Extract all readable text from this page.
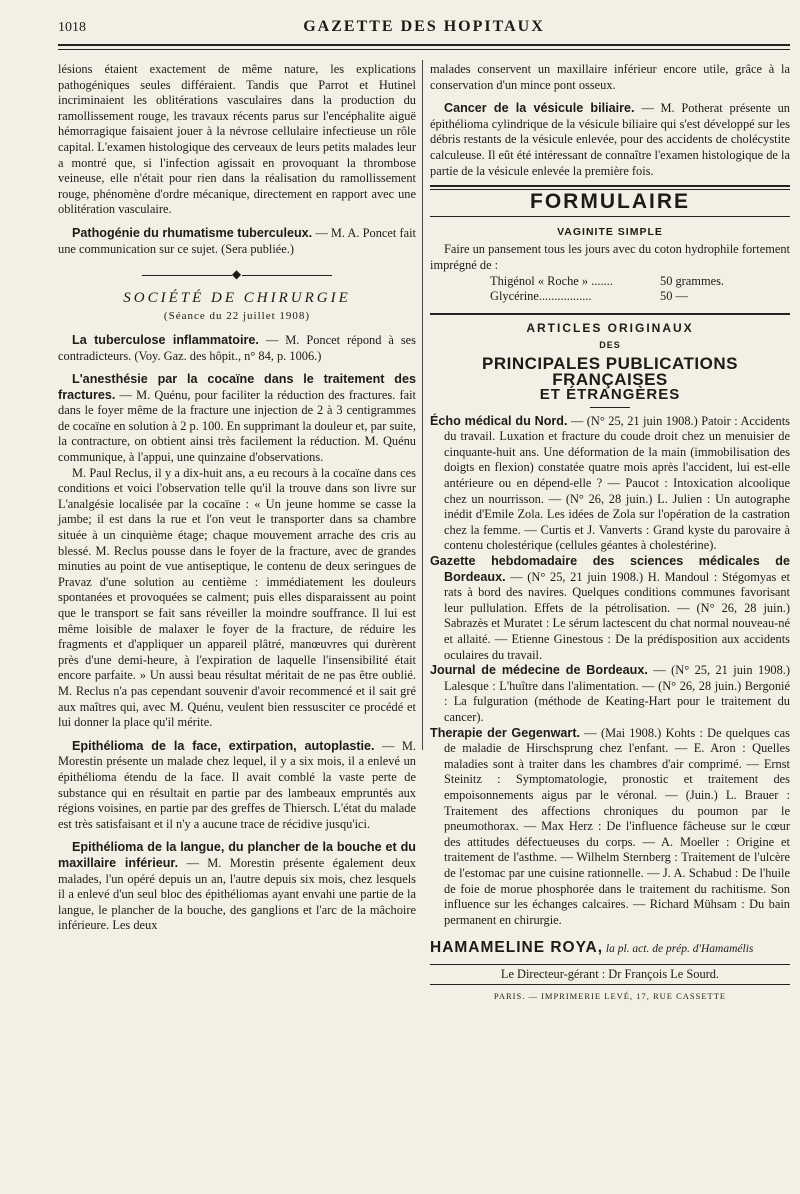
1018	GAZETTE DES HOPITAUX

lésions étaient exactement de même nature, les explications pathogéniques seules différaient. Tandis que Parrot et Hutinel incriminaient les oblitérations vasculaires dans la production du ramollissement rouge, les travaux récents parus sur l'encéphalite aiguë hémorragique faisaient jouer à la névrose cellulaire infectieuse un rôle capital. L'examen histologique des cerveaux de leurs petits malades leur a montré que, si l'infection agissait en provoquant la thrombose veineuse, elle n'était pour rien dans la réalisation du ramollissement rouge, phénomène d'ordre mécanique, directement en rapport avec une oblitération vasculaire.

Pathogénie du rhumatisme tuberculeux. — M. A. Poncet fait une communication sur ce sujet. (Sera publiée.)

◆
SOCIÉTÉ DE CHIRURGIE
(Séance du 22 juillet 1908)

La tuberculose inflammatoire. — M. Poncet répond à ses contradicteurs. (Voy. Gaz. des hôpit., n° 84, p. 1006.)

L'anesthésie par la cocaïne dans le traitement des fractures. — M. Quénu, pour faciliter la réduction des fractures. fait dans le foyer même de la fracture une injection de 2 à 3 centigrammes de cocaïne en solution à 2 p. 100. En supprimant la douleur et, par suite, la contracture, on obtient ainsi très facilement la réduction. M. Quénu communique, à l'appui, une quinzaine d'observations.

M. Paul Reclus, il y a dix-huit ans, a eu recours à la cocaïne dans ces conditions et voici l'observation telle qu'il la trouve dans son livre sur L'analgésie localisée par la cocaïne : « Un jeune homme se casse la jambe; il est dans la rue et l'on veut le transporter dans sa chambre située à un cinquième étage; chaque mouvement arrache des cris au blessé. M. Reclus pousse dans le foyer de la fracture, avec de grandes minuties au point de vue antiseptique, le contenu de deux seringues de Pravaz d'une solution au centième : immédiatement les douleurs spontanées et provoquées se calment; puis elles disparaissent au point que le transport se fait sans réveiller la moindre souffrance. Il lui est même loisible de malaxer le foyer de la fracture, de réduire les fragments et d'appliquer un appareil plâtré, manœuvres qui durèrent près d'une demi-heure, à l'expiration de laquelle l'insensibilité était encore parfaite. » Un aussi beau résultat méritait de ne pas être oublié. M. Reclus n'a pas cependant souvenir d'avoir recommencé et il sait gré aux maîtres qui, avec M. Quénu, veulent bien ressusciter ce procédé et lui donner la place qu'il mérite.

Epithélioma de la face, extirpation, autoplastie. — M. Morestin présente un malade chez lequel, il y a six mois, il a enlevé un épithélioma étendu de la face. Il avait comblé la vaste perte de substance qui en résultait en partie par des lambeaux empruntés aux régions voisines, en partie par des greffes de Thiersch. L'état du malade est très satisfaisant et il n'y a aucune trace de récidive jusqu'ici.

Epithélioma de la langue, du plancher de la bouche et du maxillaire inférieur. — M. Morestin présente également deux malades, l'un opéré depuis un an, l'autre depuis six mois, chez lesquels il a enlevé d'un seul bloc des épithéliomas ayant envahi une partie de la langue, le plancher de la bouche, des ganglions et l'arc de la mâchoire inférieure. Les deux

malades conservent un maxillaire inférieur encore utile, grâce à la conservation d'un mince pont osseux.

Cancer de la vésicule biliaire. — M. Potherat présente un épithélioma cylindrique de la vésicule biliaire qui s'est développé sur les débris restants de la vésicule enlevée, pour des accidents de cholécystite calculeuse. Il eût été intéressant de connaître l'examen histologique de la partie de la vésicule enlevée la première fois.

FORMULAIRE
VAGINITE SIMPLE

Faire un pansement tous les jours avec du coton hydrophile fortement imprégné de :

Thigénol « Roche » .......	50 grammes.
Glycérine.................	50 —
ARTICLES ORIGINAUX
DES
PRINCIPALES PUBLICATIONS FRANÇAISES
ET ÉTRANGÈRES

Écho médical du Nord. — (N° 25, 21 juin 1908.) Patoir : Accidents du travail. Luxation et fracture du coude droit chez un menuisier de cinquante-huit ans. Une déformation de la main (immobilisation des doigts en flexion) constatée quatre mois après l'accident, lui est-elle antérieure ou en dépend-elle ? — Paucot : Intoxication alcoolique chez un nourrisson. — (N° 26, 28 juin.) L. Julien : Un autographe inédit d'Emile Zola. Les idées de Zola sur l'opération de la castration chez la femme. — Curtis et J. Vanverts : Grand kyste du parovaire à contenu cholestérique (cellules géantes à cholestérine).

Gazette hebdomadaire des sciences médicales de Bordeaux. — (N° 25, 21 juin 1908.) H. Mandoul : Stégomyas et rats à bord des navires. Quelques conditions communes favorisant leur pullulation. Effets de la pétrolisation. — (N° 26, 28 juin.) Sabrazès et Muratet : Le sérum lactescent du chat normal nouveau-né et allaité. — Etienne Ginestous : De la prédisposition aux accidents oculaires du travail.

Journal de médecine de Bordeaux. — (N° 25, 21 juin 1908.) Lalesque : L'huître dans l'alimentation. — (N° 26, 28 juin.) Bergonié : La fulguration (méthode de Keating-Hart pour le traitement du cancer).

Therapie der Gegenwart. — (Mai 1908.) Kohts : De quelques cas de maladie de Hirschsprung chez l'enfant. — E. Aron : Quelles maladies sont à traiter dans les chambres d'air comprimé. — Ernst Steinitz : Symptomatologie, pronostic et traitement des empoisonnements aigus par le véronal. — (Juin.) L. Brauer : Traitement des affections chroniques du poumon par le pneumothorax. — Max Herz : De l'influence fâcheuse sur le cœur des attitudes défectueuses du corps. — A. Moeller : Origine et traitement de l'asthme. — Wilhelm Sternberg : Traitement de l'ulcère de l'estomac par une cuisine rationnelle. — J. A. Schabud : De l'huile de foie de morue phosphorée dans le traitement du rachitisme. Son influence sur les échanges calcaires. — Richard Mühsam : Du bain permanent en chirurgie.

HAMAMELINE ROYA, la pl. act. de prép. d'Hamamélis
Le Directeur-gérant : Dr François Le Sourd.
PARIS. — IMPRIMERIE LEVÉ, 17, RUE CASSETTE
